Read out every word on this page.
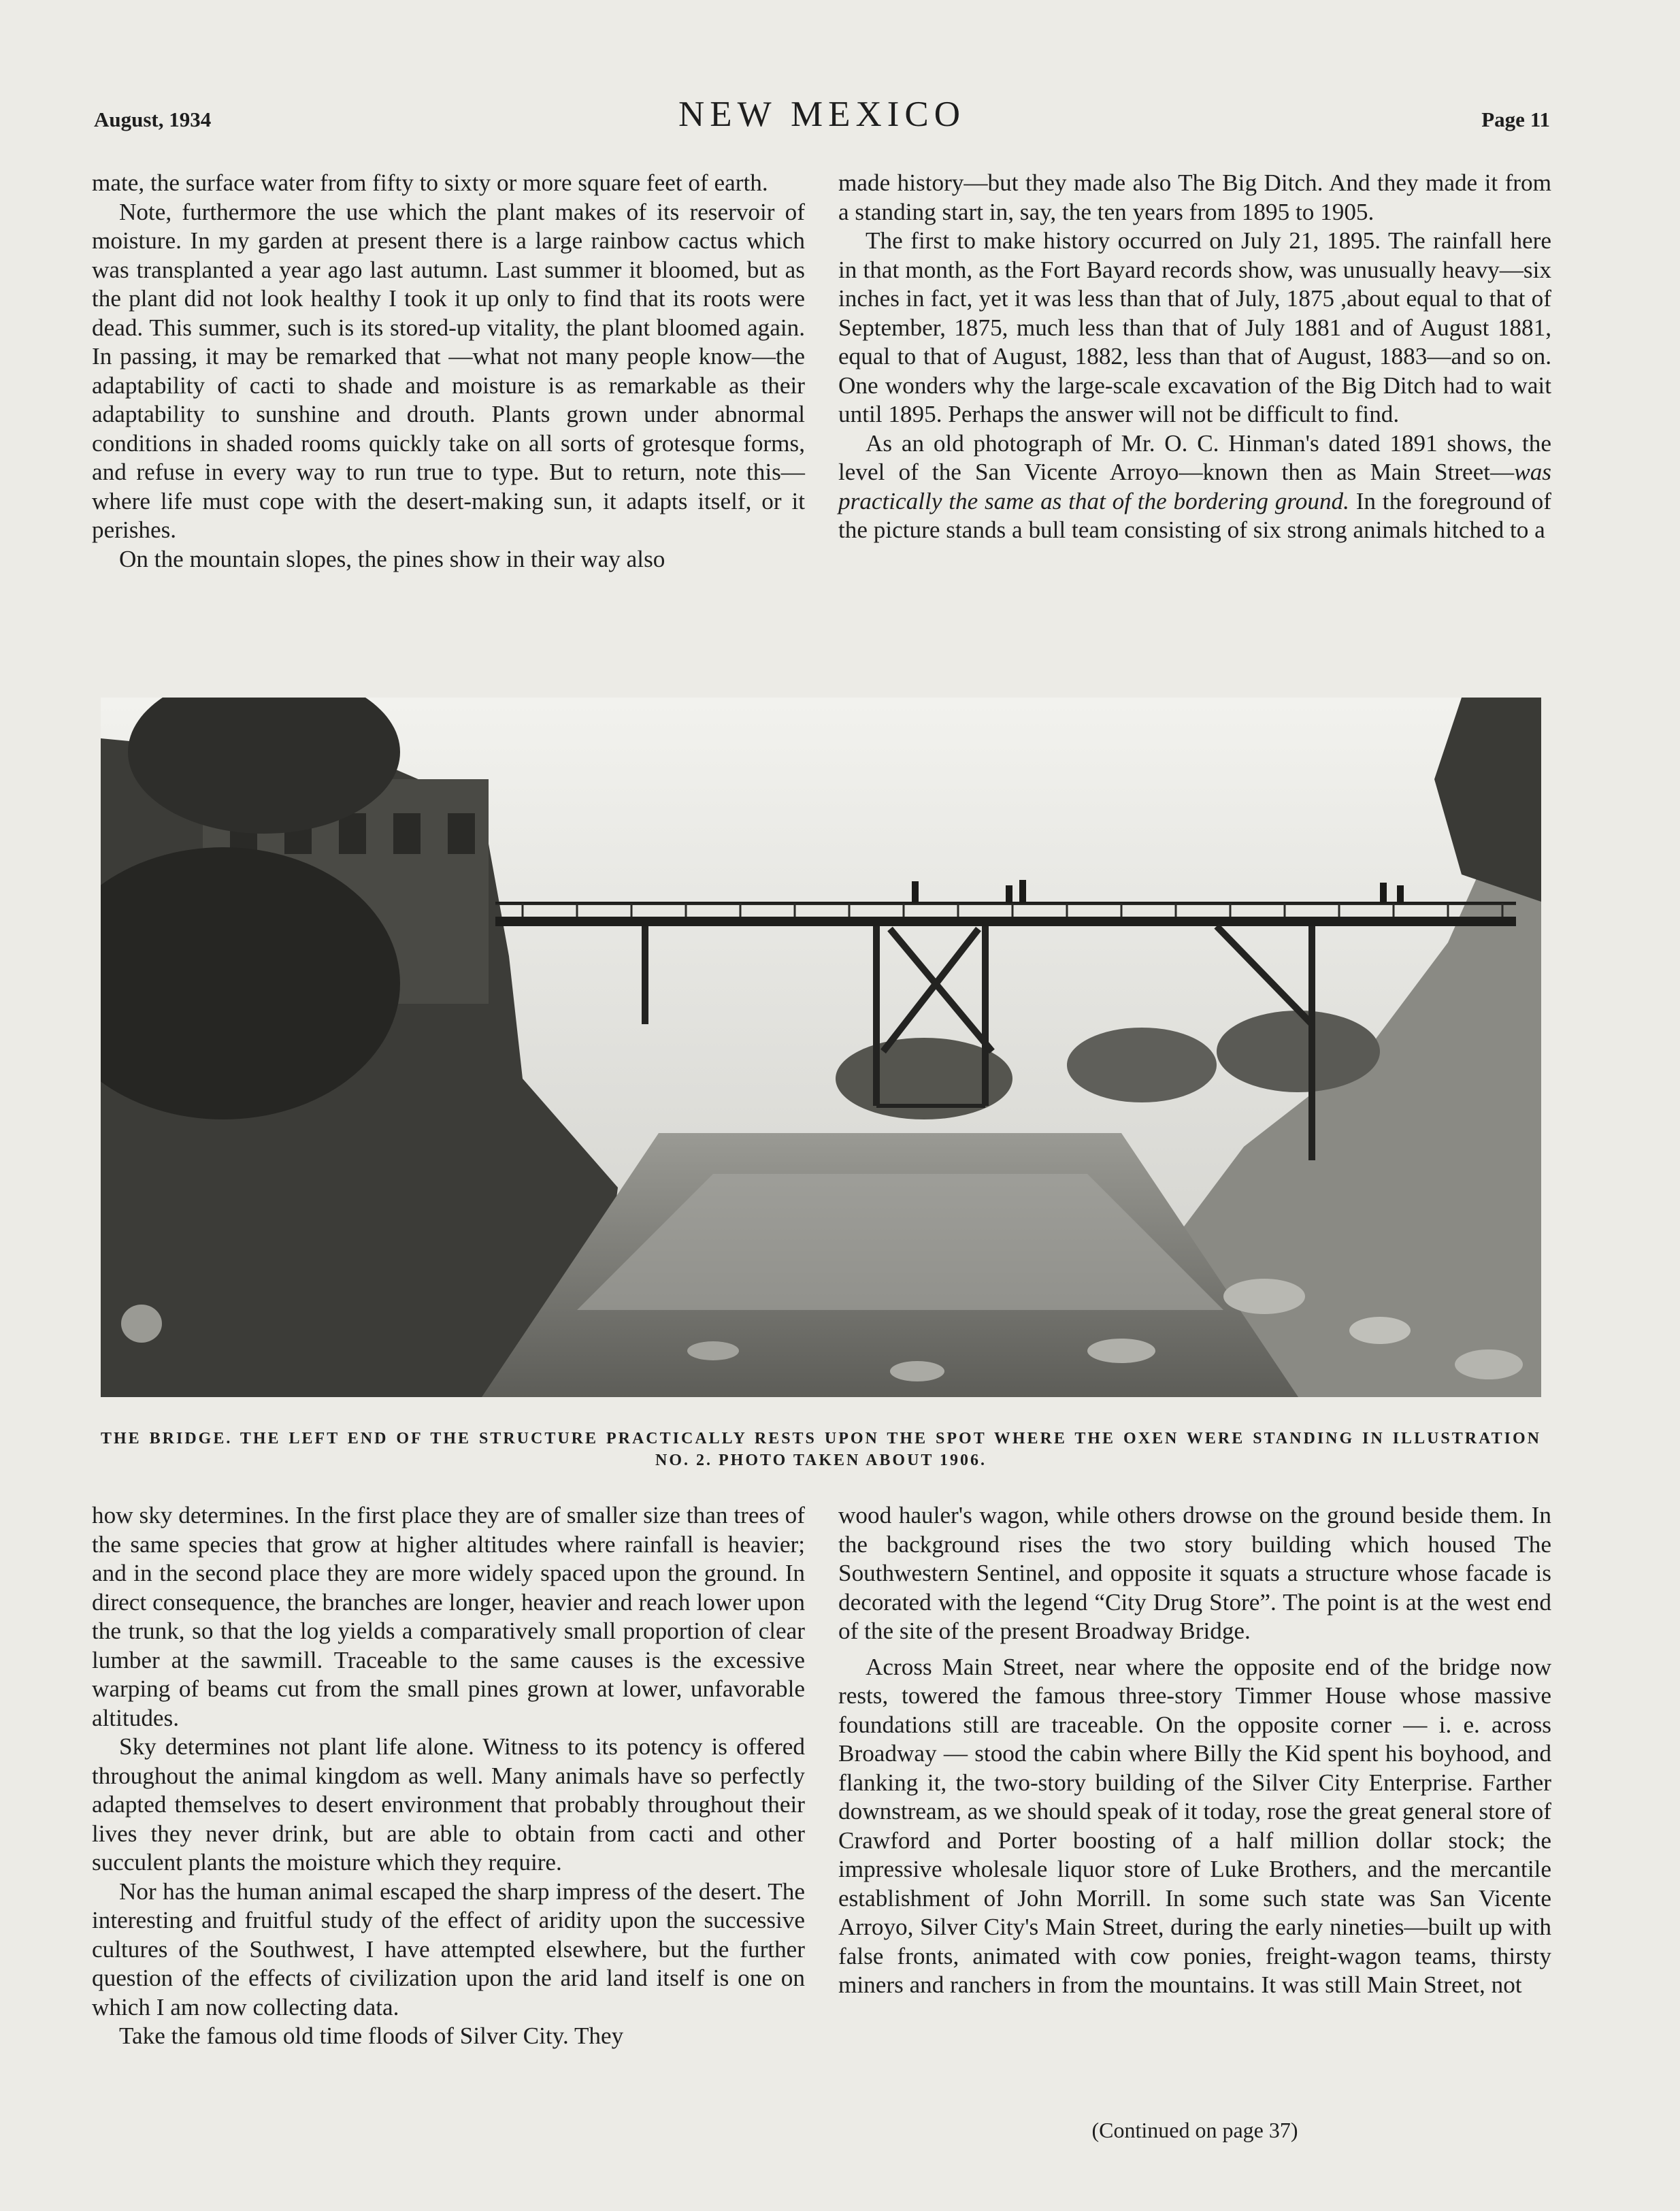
August, 1934	NEW MEXICO	Page 11

mate, the surface water from fifty to sixty or more square feet of earth.

Note, furthermore the use which the plant makes of its reservoir of moisture. In my garden at present there is a large rainbow cactus which was transplanted a year ago last autumn. Last summer it bloomed, but as the plant did not look healthy I took it up only to find that its roots were dead. This summer, such is its stored-up vitality, the plant bloomed again. In passing, it may be remarked that —what not many people know—the adaptability of cacti to shade and moisture is as remarkable as their adaptability to sunshine and drouth. Plants grown under abnormal conditions in shaded rooms quickly take on all sorts of grotesque forms, and refuse in every way to run true to type. But to return, note this—where life must cope with the desert-making sun, it adapts itself, or it perishes.

On the mountain slopes, the pines show in their way also

made history—but they made also The Big Ditch. And they made it from a standing start in, say, the ten years from 1895 to 1905.

The first to make history occurred on July 21, 1895. The rainfall here in that month, as the Fort Bayard records show, was unusually heavy—six inches in fact, yet it was less than that of July, 1875 ,about equal to that of September, 1875, much less than that of July 1881 and of August 1881, equal to that of August, 1882, less than that of August, 1883—and so on. One wonders why the large-scale excavation of the Big Ditch had to wait until 1895. Perhaps the answer will not be difficult to find.

As an old photograph of Mr. O. C. Hinman's dated 1891 shows, the level of the San Vicente Arroyo—known then as Main Street—was practically the same as that of the bordering ground. In the foreground of the picture stands a bull team consisting of six strong animals hitched to a

THE BRIDGE. THE LEFT END OF THE STRUCTURE PRACTICALLY RESTS UPON THE SPOT WHERE THE OXEN WERE STANDING IN ILLUSTRATION NO. 2. PHOTO TAKEN ABOUT 1906.

how sky determines. In the first place they are of smaller size than trees of the same species that grow at higher altitudes where rainfall is heavier; and in the second place they are more widely spaced upon the ground. In direct consequence, the branches are longer, heavier and reach lower upon the trunk, so that the log yields a comparatively small proportion of clear lumber at the sawmill. Traceable to the same causes is the excessive warping of beams cut from the small pines grown at lower, unfavorable altitudes.

Sky determines not plant life alone. Witness to its potency is offered throughout the animal kingdom as well. Many animals have so perfectly adapted themselves to desert environment that probably throughout their lives they never drink, but are able to obtain from cacti and other succulent plants the moisture which they require.

Nor has the human animal escaped the sharp impress of the desert. The interesting and fruitful study of the effect of aridity upon the successive cultures of the Southwest, I have attempted elsewhere, but the further question of the effects of civilization upon the arid land itself is one on which I am now collecting data.

Take the famous old time floods of Silver City. They

wood hauler's wagon, while others drowse on the ground beside them. In the background rises the two story building which housed The Southwestern Sentinel, and opposite it squats a structure whose facade is decorated with the legend “City Drug Store”. The point is at the west end of the site of the present Broadway Bridge.

Across Main Street, near where the opposite end of the bridge now rests, towered the famous three-story Timmer House whose massive foundations still are traceable. On the opposite corner — i. e. across Broadway — stood the cabin where Billy the Kid spent his boyhood, and flanking it, the two-story building of the Silver City Enterprise. Farther downstream, as we should speak of it today, rose the great general store of Crawford and Porter boosting of a half million dollar stock; the impressive wholesale liquor store of Luke Brothers, and the mercantile establishment of John Morrill. In some such state was San Vicente Arroyo, Silver City's Main Street, during the early nineties—built up with false fronts, animated with cow ponies, freight-wagon teams, thirsty miners and ranchers in from the mountains. It was still Main Street, not

(Continued on page 37)
